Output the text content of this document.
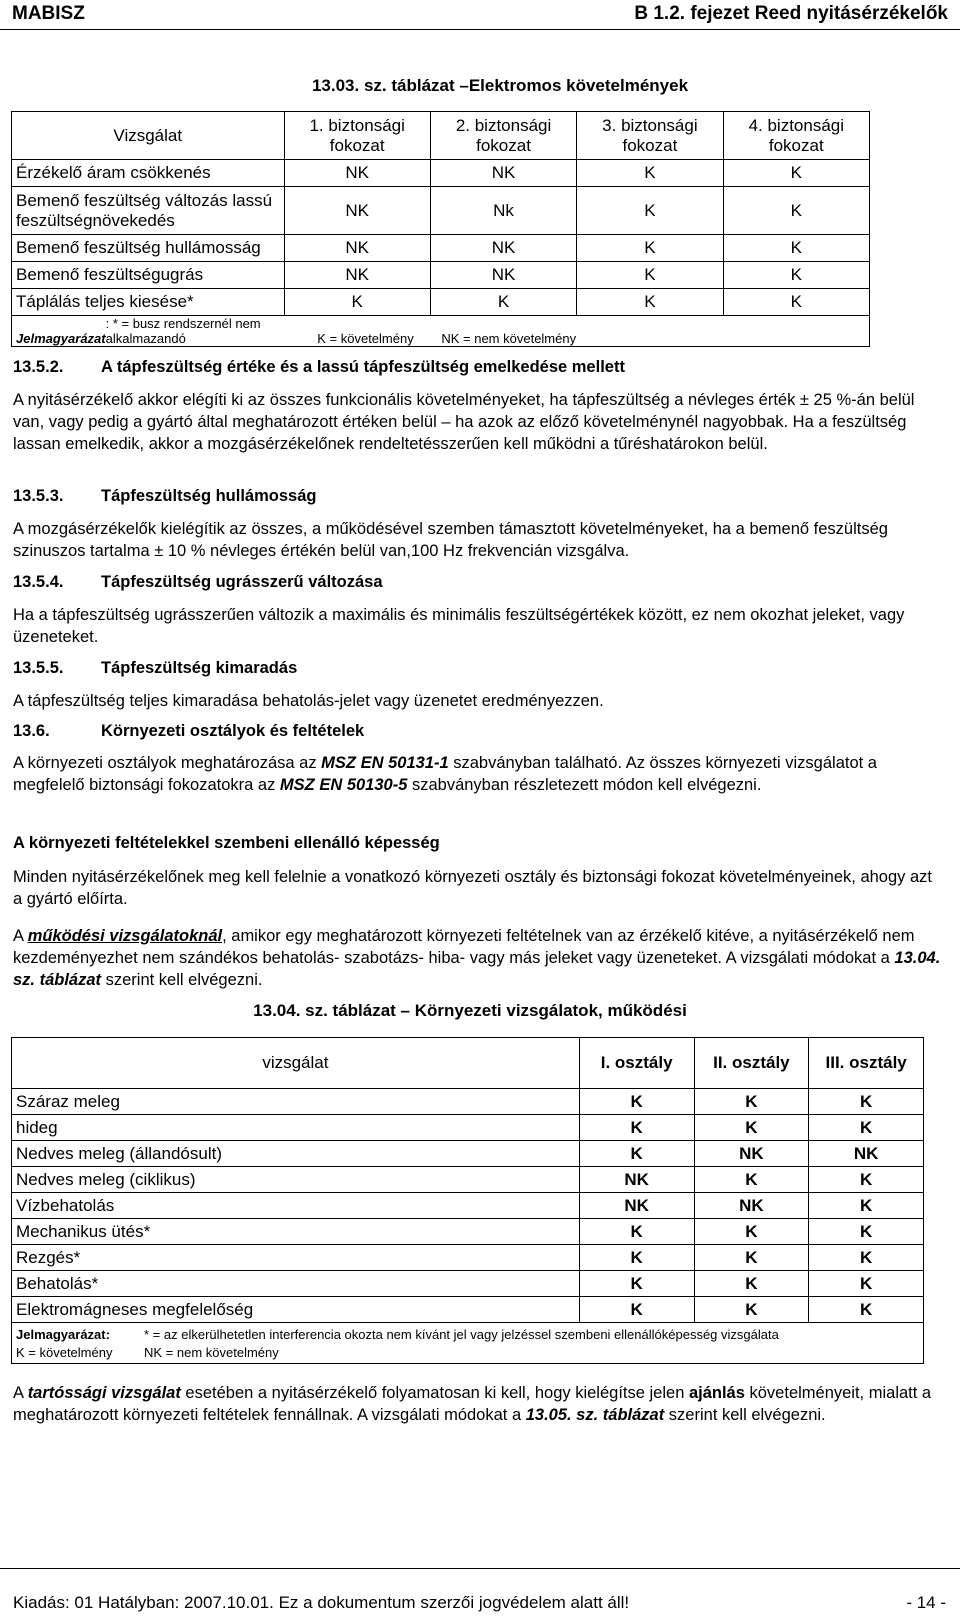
MABISZ	B 1.2. fejezet Reed nyitásérzékelők
13.03. sz. táblázat –Elektromos követelmények
Vizsgálat	1. biztonsági fokozat	2. biztonsági fokozat	3. biztonsági fokozat	4. biztonsági fokozat
Érzékelő áram csökkenés	NK	NK	K	K
Bemenő feszültség változás lassú feszültségnövekedés	NK	Nk	K	K
Bemenő feszültség hullámosság	NK	NK	K	K
Bemenő feszültségugrás	NK	NK	K	K
Táplálás teljes kiesése*	K	K	K	K
Jelmagyarázat: * = busz rendszernél nem alkalmazandó K = követelmény NK = nem követelmény				
13.5.2. A tápfeszültség értéke és a lassú tápfeszültség emelkedése mellett
A nyitásérzékelő akkor elégíti ki az összes funkcionális követelményeket, ha tápfeszültség a névleges érték ± 25 %-án belül van, vagy pedig a gyártó által meghatározott értéken belül – ha azok az előző követelménynél nagyobbak. Ha a feszültség lassan emelkedik, akkor a mozgásérzékelőnek rendeltetésszerűen kell működni a tűréshatárokon belül.
13.5.3. Tápfeszültség hullámosság
A mozgásérzékelők kielégítik az összes, a működésével szemben támasztott követelményeket, ha a bemenő feszültség szinuszos tartalma ± 10 % névleges értékén belül van,100 Hz frekvencián vizsgálva.
13.5.4. Tápfeszültség ugrásszerű változása
Ha a tápfeszültség ugrásszerűen változik a maximális és minimális feszültségértékek között, ez nem okozhat jeleket, vagy üzeneteket.
13.5.5. Tápfeszültség kimaradás
A tápfeszültség teljes kimaradása behatolás-jelet vagy üzenetet eredményezzen.
13.6.	Környezeti osztályok és feltételek
A környezeti osztályok meghatározása az MSZ EN 50131-1 szabványban található. Az összes környezeti vizsgálatot a megfelelő biztonsági fokozatokra az MSZ EN 50130-5 szabványban részletezett módon kell elvégezni.
A környezeti feltételekkel szembeni ellenálló képesség
Minden nyitásérzékelőnek meg kell felelnie a vonatkozó környezeti osztály és biztonsági fokozat követelményeinek, ahogy azt a gyártó előírta.
A működési vizsgálatoknál, amikor egy meghatározott környezeti feltételnek van az érzékelő kitéve, a nyitásérzékelő nem kezdeményezhet nem szándékos behatolás- szabotázs- hiba- vagy más jeleket vagy üzeneteket. A vizsgálati módokat a 13.04. sz. táblázat szerint kell elvégezni.
13.04. sz. táblázat – Környezeti vizsgálatok, működési
vizsgálat	I. osztály	II. osztály	III. osztály
Száraz meleg	K	K	K
hideg	K	K	K
Nedves meleg (állandósult)	K	NK	NK
Nedves meleg (ciklikus)	NK	K	K
Vízbehatolás	NK	NK	K
Mechanikus ütés*	K	K	K
Rezgés*	K	K	K
Behatolás*	K	K	K
Elektromágneses megfelelőség	K	K	K
Jelmagyarázat: * = az elkerülhetetlen interferencia okozta nem kívánt jel vagy jelzéssel szembeni ellenállóképesség vizsgálata
K = követelmény NK = nem követelmény			
A tartóssági vizsgálat esetében a nyitásérzékelő folyamatosan ki kell, hogy kielégítse jelen ajánlás követelményeit, mialatt a meghatározott környezeti feltételek fennállnak. A vizsgálati módokat a 13.05. sz. táblázat szerint kell elvégezni.
Kiadás: 01 Hatályban: 2007.10.01. Ez a dokumentum szerzői jogvédelem alatt áll!	- 14 -
